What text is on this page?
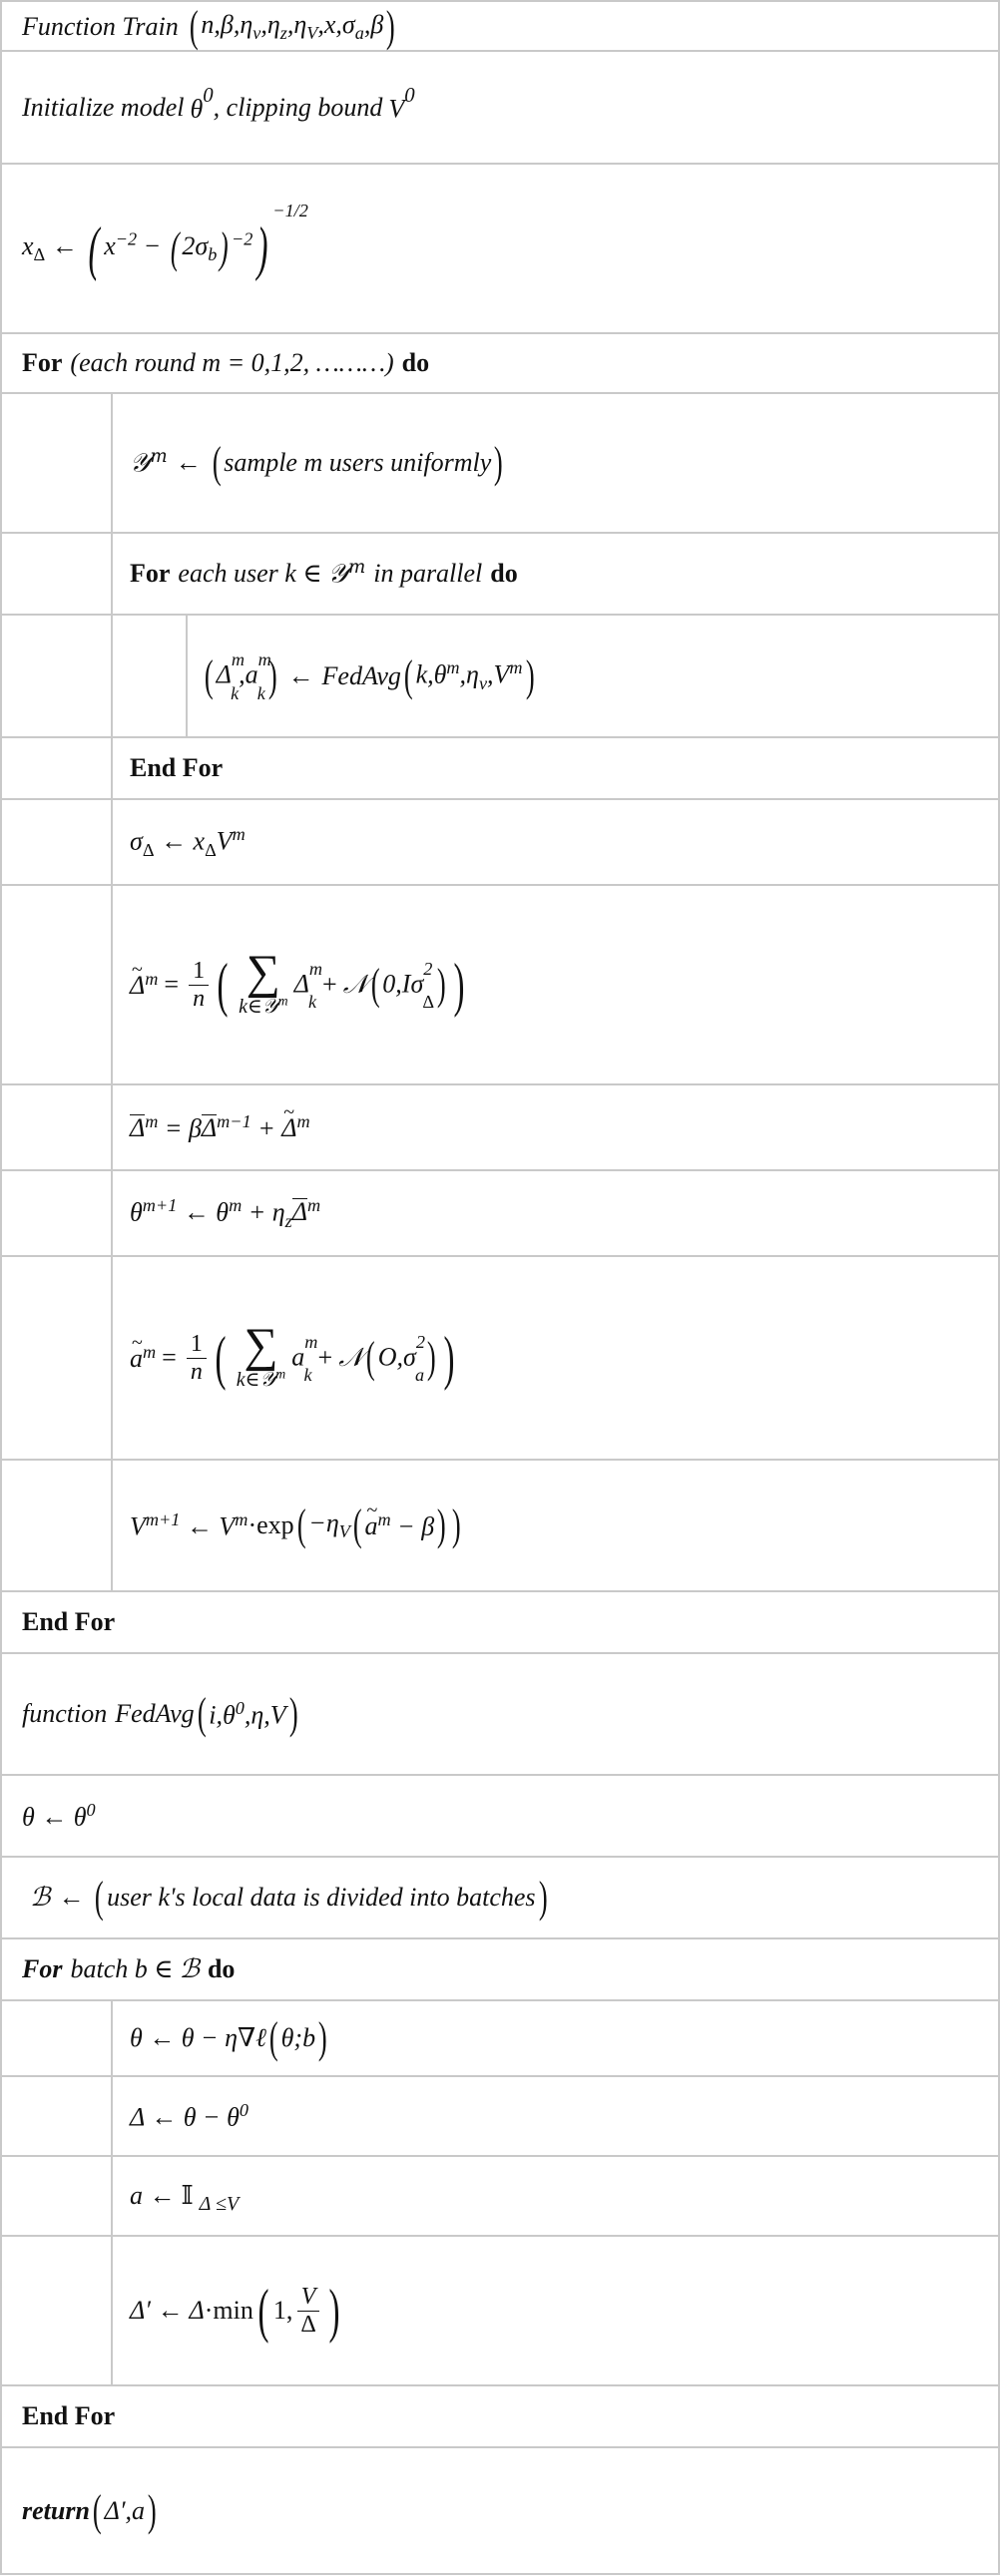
Function Train ( $n,\beta,\eta_v,\eta_z,\eta_V,x,\sigma_a,\beta$ )
Initialize model $\theta^0$ , clipping bound $V^0$
$x_\Delta$ ← ( $x^{-2}$ − ( $2\sigma_b$) $^{-2}$)$^{-1/2}$
For (each round m = 0,1,2, ………) do
𝒴$^m$ ← ( sample m users uniformly )
For each user k ∈ 𝒴$^m$ in parallel do
( $\Delta^m_k,a^m_k$ ) ← FedAvg ( $k,\theta^m,\eta_v,V^m$ )
End For
$\sigma_\Delta$ ← $x_\Delta V^m$
~ $\Delta^m = \frac{1}{n}$ ( ∑
k∈𝒴$^m$
$\Delta^m_k$
+ 𝒩 ( $0,I\sigma^2_\Delta$ ) )
$\Delta^m = \beta\Delta^{m-1}$ + ~ $\Delta^m$
$\theta^{m+1}$ ← $\theta^m + \eta_z\Delta^m$
~ $a^m = \frac{1}{n}$ ( ∑
k∈𝒴$^m$
$a^m_k$
+ 𝒩 ( $O,\sigma^2_a$ ) )
$V^{m+1}$ ← $V^m \cdot\exp$ ( $-\eta_V$ (
~ $a^m - \beta$ ) )
End For
function FedAvg ( $i,\theta^0,\eta,V$ )
θ ← $\theta^0$
ℬ ← ( user k's local data is divided into batches )
For batch b ∈ ℬ do
θ ← θ − η∇ℓ ( θ;b )
Δ ← $\theta - \theta^0$
a ← 𝕀 Δ ≤V
Δ′ ← Δ ·min ( 1, $\frac{V}{\Delta}$ )
End For
return ( Δ′,a )
